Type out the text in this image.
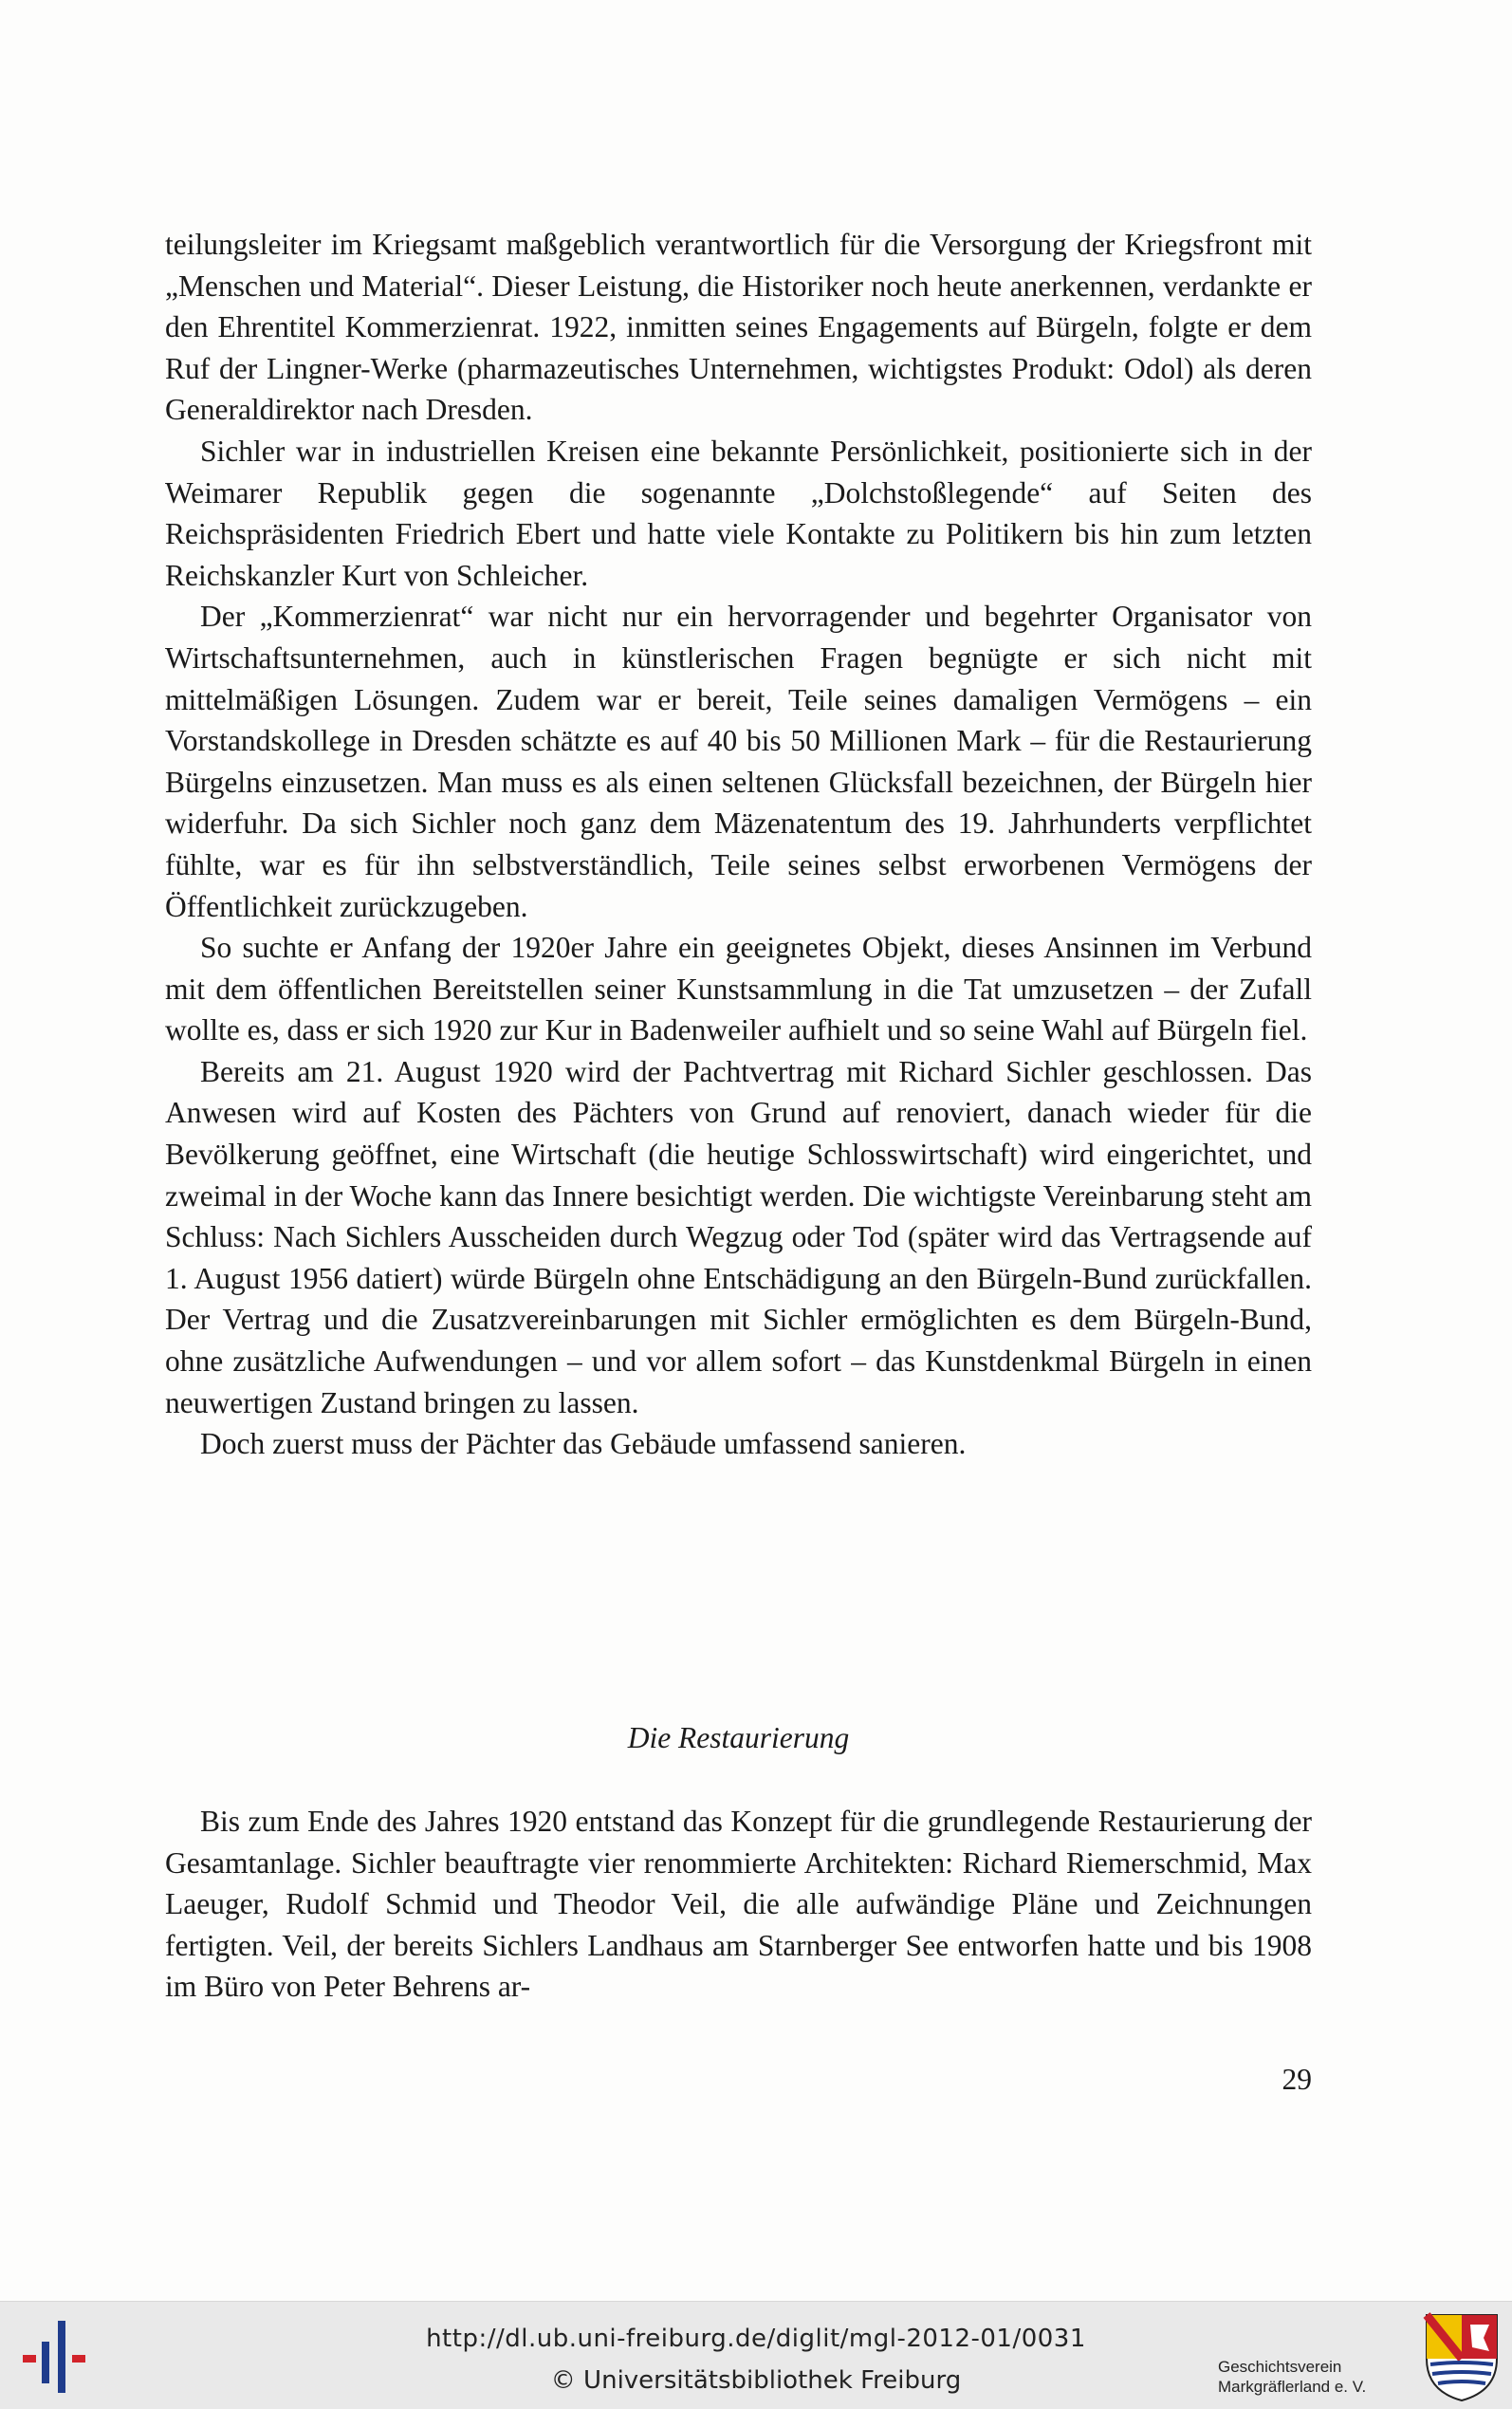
teilungsleiter im Kriegsamt maßgeblich verantwortlich für die Versorgung der Kriegsfront mit „Menschen und Material“. Dieser Leistung, die Historiker noch heute anerkennen, verdankte er den Ehrentitel Kommerzienrat. 1922, inmitten seines Engagements auf Bürgeln, folgte er dem Ruf der Lingner-Werke (pharmazeutisches Unternehmen, wichtigstes Produkt: Odol) als deren Generaldirektor nach Dresden.

Sichler war in industriellen Kreisen eine bekannte Persönlichkeit, positionierte sich in der Weimarer Republik gegen die sogenannte „Dolchstoßlegende“ auf Seiten des Reichspräsidenten Friedrich Ebert und hatte viele Kontakte zu Politikern bis hin zum letzten Reichskanzler Kurt von Schleicher.

Der „Kommerzienrat“ war nicht nur ein hervorragender und begehrter Organisator von Wirtschaftsunternehmen, auch in künstlerischen Fragen begnügte er sich nicht mit mittelmäßigen Lösungen. Zudem war er bereit, Teile seines damaligen Vermögens – ein Vorstandskollege in Dresden schätzte es auf 40 bis 50 Millionen Mark – für die Restaurierung Bürgelns einzusetzen. Man muss es als einen seltenen Glücksfall bezeichnen, der Bürgeln hier widerfuhr. Da sich Sichler noch ganz dem Mäzenatentum des 19. Jahrhunderts verpflichtet fühlte, war es für ihn selbstverständlich, Teile seines selbst erworbenen Vermögens der Öffentlichkeit zurückzugeben.

So suchte er Anfang der 1920er Jahre ein geeignetes Objekt, dieses Ansinnen im Verbund mit dem öffentlichen Bereitstellen seiner Kunstsammlung in die Tat umzusetzen – der Zufall wollte es, dass er sich 1920 zur Kur in Badenweiler aufhielt und so seine Wahl auf Bürgeln fiel.

Bereits am 21. August 1920 wird der Pachtvertrag mit Richard Sichler geschlossen. Das Anwesen wird auf Kosten des Pächters von Grund auf renoviert, danach wieder für die Bevölkerung geöffnet, eine Wirtschaft (die heutige Schlosswirtschaft) wird eingerichtet, und zweimal in der Woche kann das Innere besichtigt werden. Die wichtigste Vereinbarung steht am Schluss: Nach Sichlers Ausscheiden durch Wegzug oder Tod (später wird das Vertragsende auf 1. August 1956 datiert) würde Bürgeln ohne Entschädigung an den Bürgeln-Bund zurückfallen. Der Vertrag und die Zusatzvereinbarungen mit Sichler ermöglichten es dem Bürgeln-Bund, ohne zusätzliche Aufwendungen – und vor allem sofort – das Kunstdenkmal Bürgeln in einen neuwertigen Zustand bringen zu lassen.

Doch zuerst muss der Pächter das Gebäude umfassend sanieren.

Die Restaurierung

Bis zum Ende des Jahres 1920 entstand das Konzept für die grundlegende Restaurierung der Gesamtanlage. Sichler beauftragte vier renommierte Architekten: Richard Riemerschmid, Max Laeuger, Rudolf Schmid und Theodor Veil, die alle aufwändige Pläne und Zeichnungen fertigten. Veil, der bereits Sichlers Landhaus am Starnberger See entworfen hatte und bis 1908 im Büro von Peter Behrens ar-

29
http://dl.ub.uni-freiburg.de/diglit/mgl-2012-01/0031
© Universitätsbibliothek Freiburg	Geschichtsverein
Markgräflerland e. V.
